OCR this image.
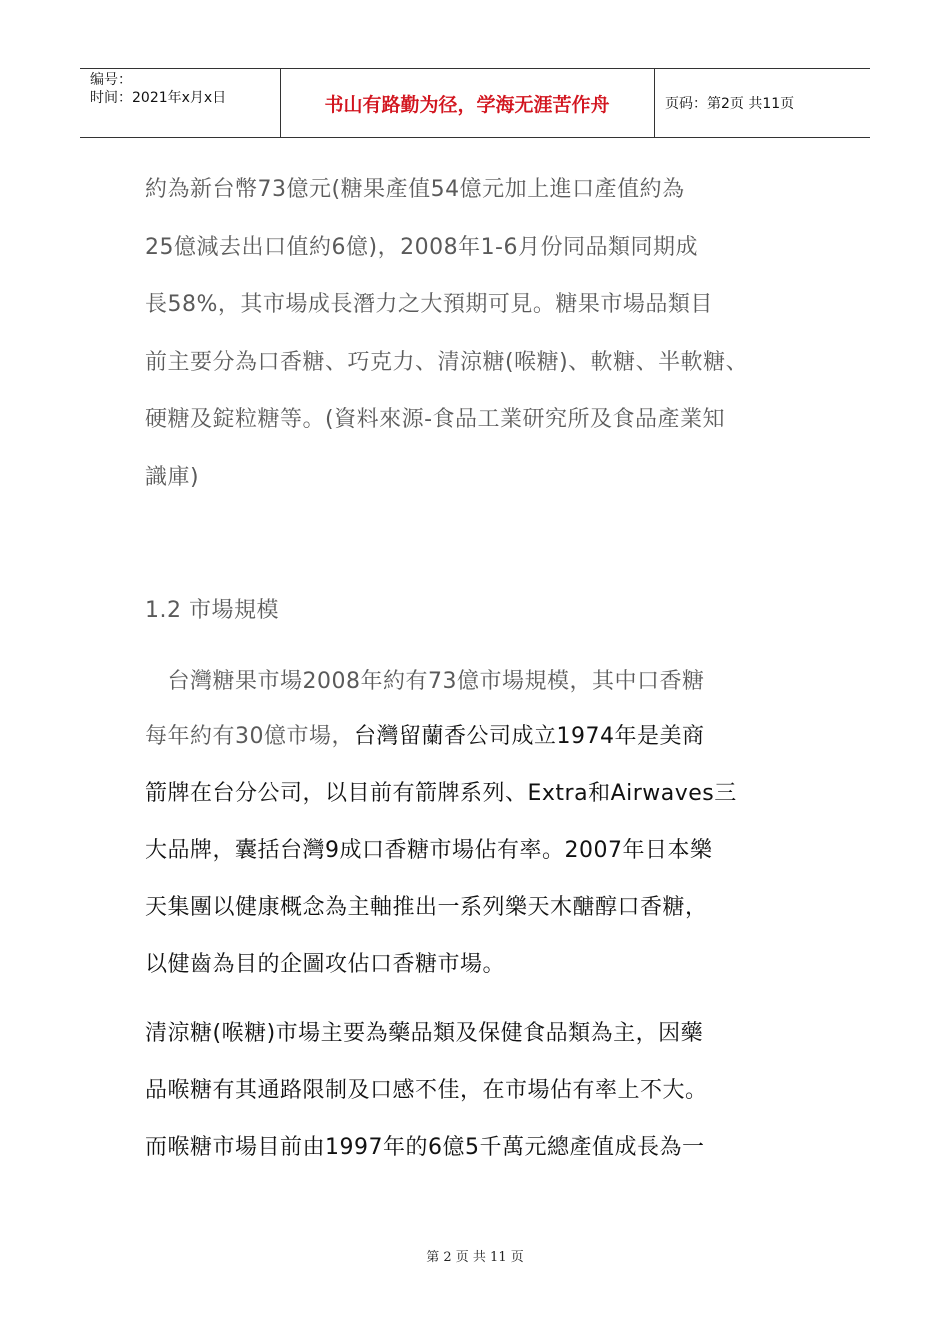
编号：
时间：2021年x月x日	书山有路勤为径，学海无涯苦作舟	页码：第2页 共11页
約為新台幣73億元(糖果產值54億元加上進口產值約為
25億減去出口值約6億)，2008年1-6月份同品類同期成
長58%，其市場成長潛力之大預期可見。糖果市場品類目
前主要分為口香糖、巧克力、清涼糖(喉糖)、軟糖、半軟糖、
硬糖及錠粒糖等。(資料來源-食品工業研究所及食品產業知
識庫)
1.2 市場規模
　台灣糖果市場2008年約有73億市場規模，其中口香糖
每年約有30億市場，台灣留蘭香公司成立1974年是美商
箭牌在台分公司，以目前有箭牌系列、Extra和Airwaves三
大品牌，囊括台灣9成口香糖市場佔有率。2007年日本樂
天集團以健康概念為主軸推出一系列樂天木醣醇口香糖，
以健齒為目的企圖攻佔口香糖市場。
清涼糖(喉糖)市場主要為藥品類及保健食品類為主，因藥
品喉糖有其通路限制及口感不佳，在市場佔有率上不大。
而喉糖市場目前由1997年的6億5千萬元總產值成長為一
第 2 页 共 11 页
